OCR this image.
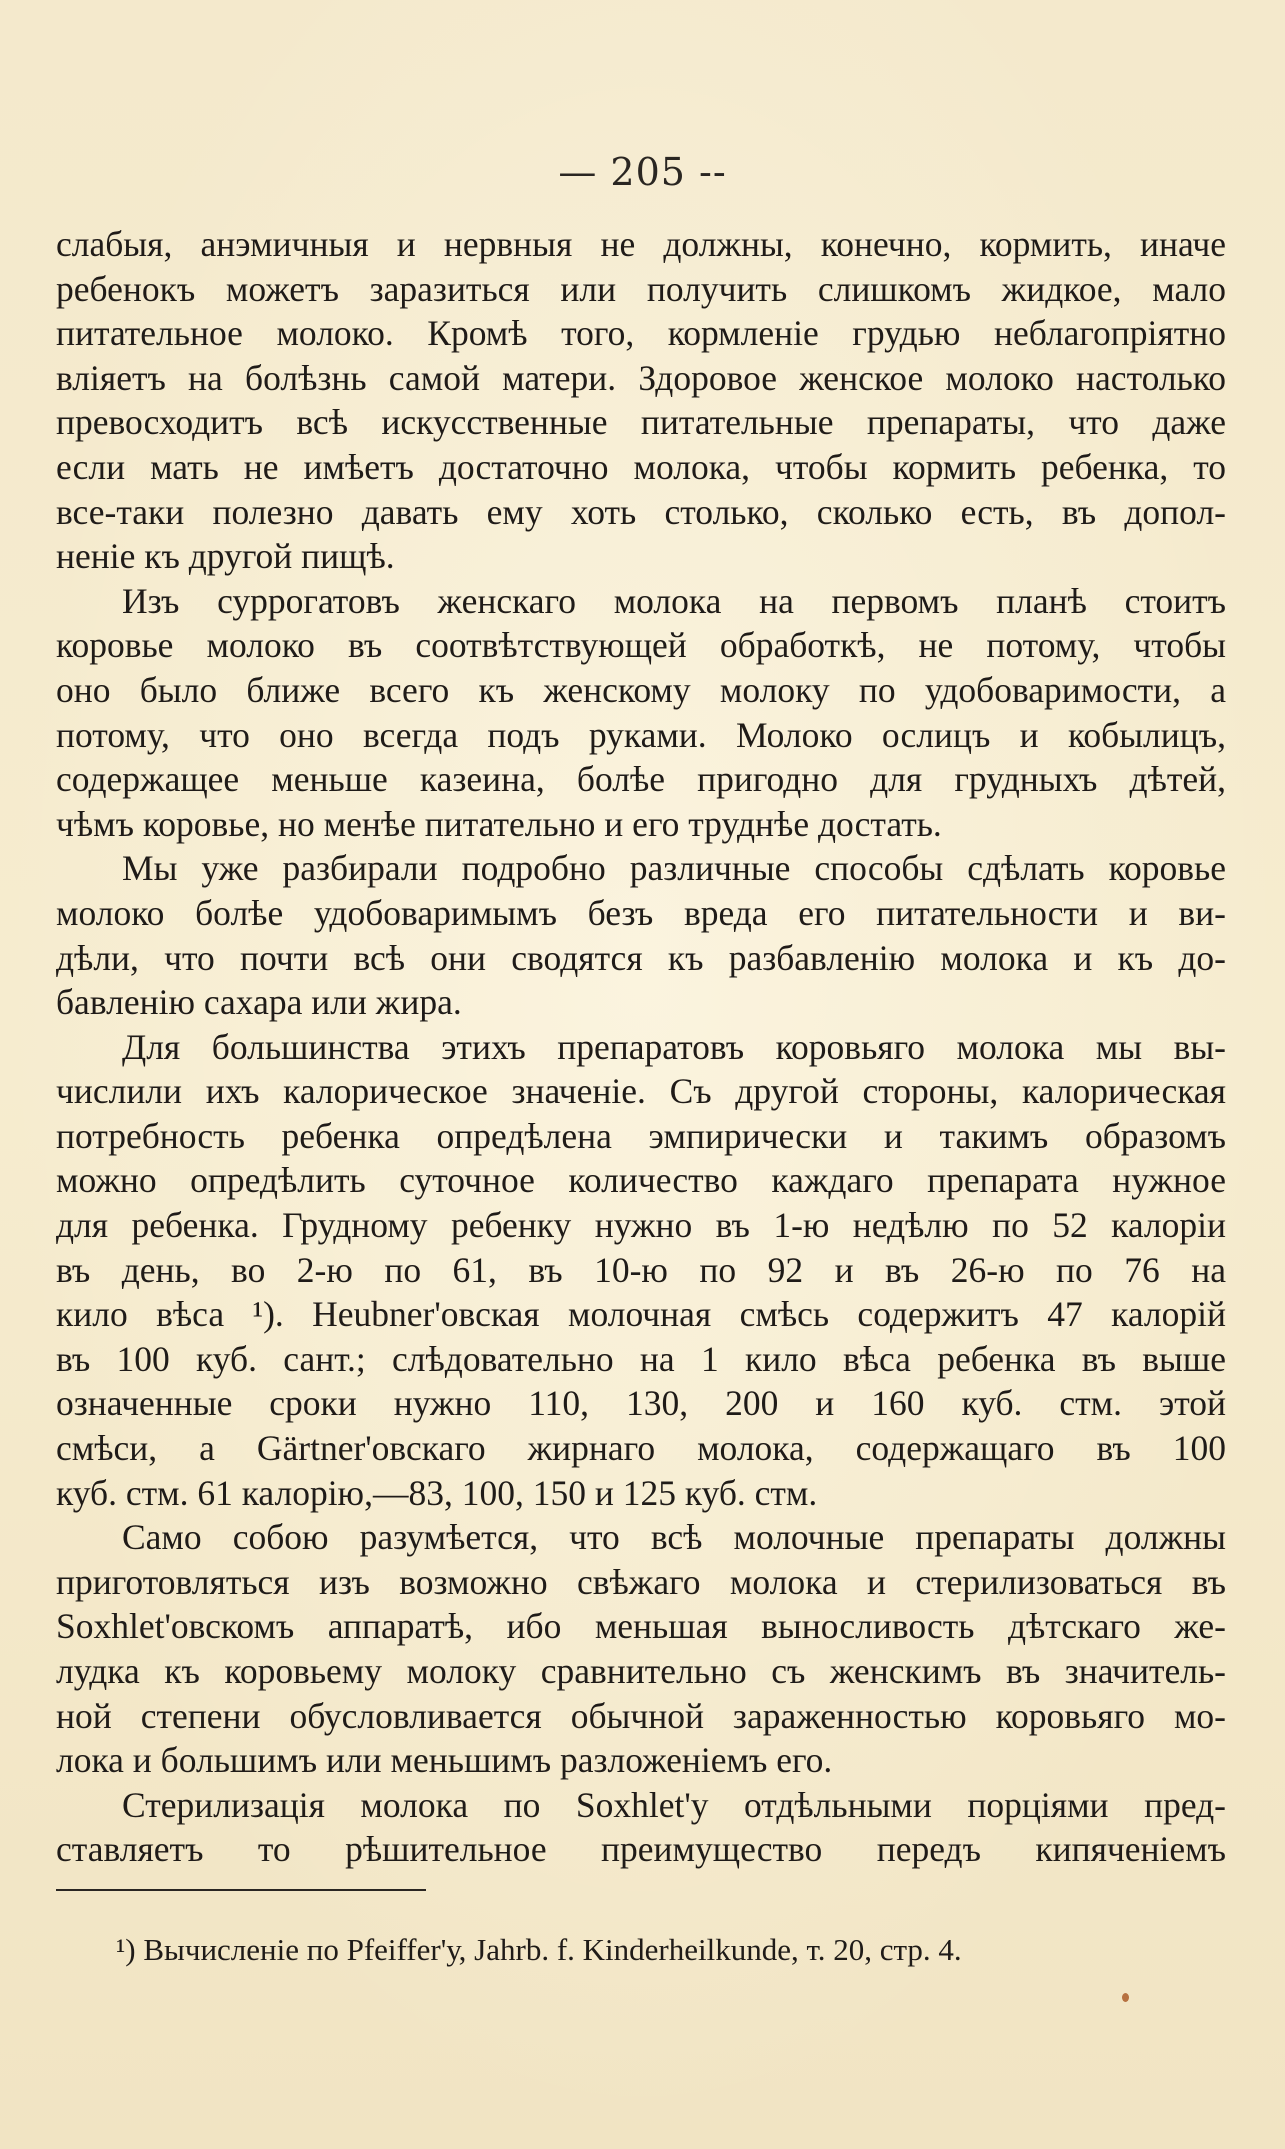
— 205 --
слабыя, анэмичныя и нервныя не должны, конечно, кормить, иначе
ребенокъ можетъ заразиться или получить слишкомъ жидкое, мало
питательное молоко. Кромѣ того, кормленіе грудью неблагопріятно
вліяетъ на болѣзнь самой матери. Здоровое женское молоко настолько
превосходитъ всѣ искусственные питательные препараты, что даже
если мать не имѣетъ достаточно молока, чтобы кормить ребенка, то
все-таки полезно давать ему хоть столько, сколько есть, въ допол-
неніе къ другой пищѣ.
Изъ суррогатовъ женскаго молока на первомъ планѣ стоитъ
коровье молоко въ соотвѣтствующей обработкѣ, не потому, чтобы
оно было ближе всего къ женскому молоку по удобоваримости, а
потому, что оно всегда подъ руками. Молоко ослицъ и кобылицъ,
содержащее меньше казеина, болѣе пригодно для грудныхъ дѣтей,
чѣмъ коровье, но менѣе питательно и его труднѣе достать.
Мы уже разбирали подробно различные способы сдѣлать коровье
молоко болѣе удобоваримымъ безъ вреда его питательности и ви-
дѣли, что почти всѣ они сводятся къ разбавленію молока и къ до-
бавленію сахара или жира.
Для большинства этихъ препаратовъ коровьяго молока мы вы-
числили ихъ калорическое значеніе. Съ другой стороны, калорическая
потребность ребенка опредѣлена эмпирически и такимъ образомъ
можно опредѣлить суточное количество каждаго препарата нужное
для ребенка. Грудному ребенку нужно въ 1-ю недѣлю по 52 калоріи
въ день, во 2-ю по 61, въ 10-ю по 92 и въ 26-ю по 76 на
кило вѣса ¹). Heubner'овская молочная смѣсь содержитъ 47 калорій
въ 100 куб. сант.; слѣдовательно на 1 кило вѣса ребенка въ выше
означенные сроки нужно 110, 130, 200 и 160 куб. стм. этой
смѣси, а Gärtner'овскаго жирнаго молока, содержащаго въ 100
куб. стм. 61 калорію,—83, 100, 150 и 125 куб. стм.
Само собою разумѣется, что всѣ молочные препараты должны
приготовляться изъ возможно свѣжаго молока и стерилизоваться въ
Soxhlet'овскомъ аппаратѣ, ибо меньшая выносливость дѣтскаго же-
лудка къ коровьему молоку сравнительно съ женскимъ въ значитель-
ной степени обусловливается обычной зараженностью коровьяго мо-
лока и большимъ или меньшимъ разложеніемъ его.
Стерилизація молока по Soxhlet'у отдѣльными порціями пред-
ставляетъ то рѣшительное преимущество передъ кипяченіемъ
¹) Вычисленіе по Pfeiffer'у, Jahrb. f. Kinderheilkunde, т. 20, стр. 4.
